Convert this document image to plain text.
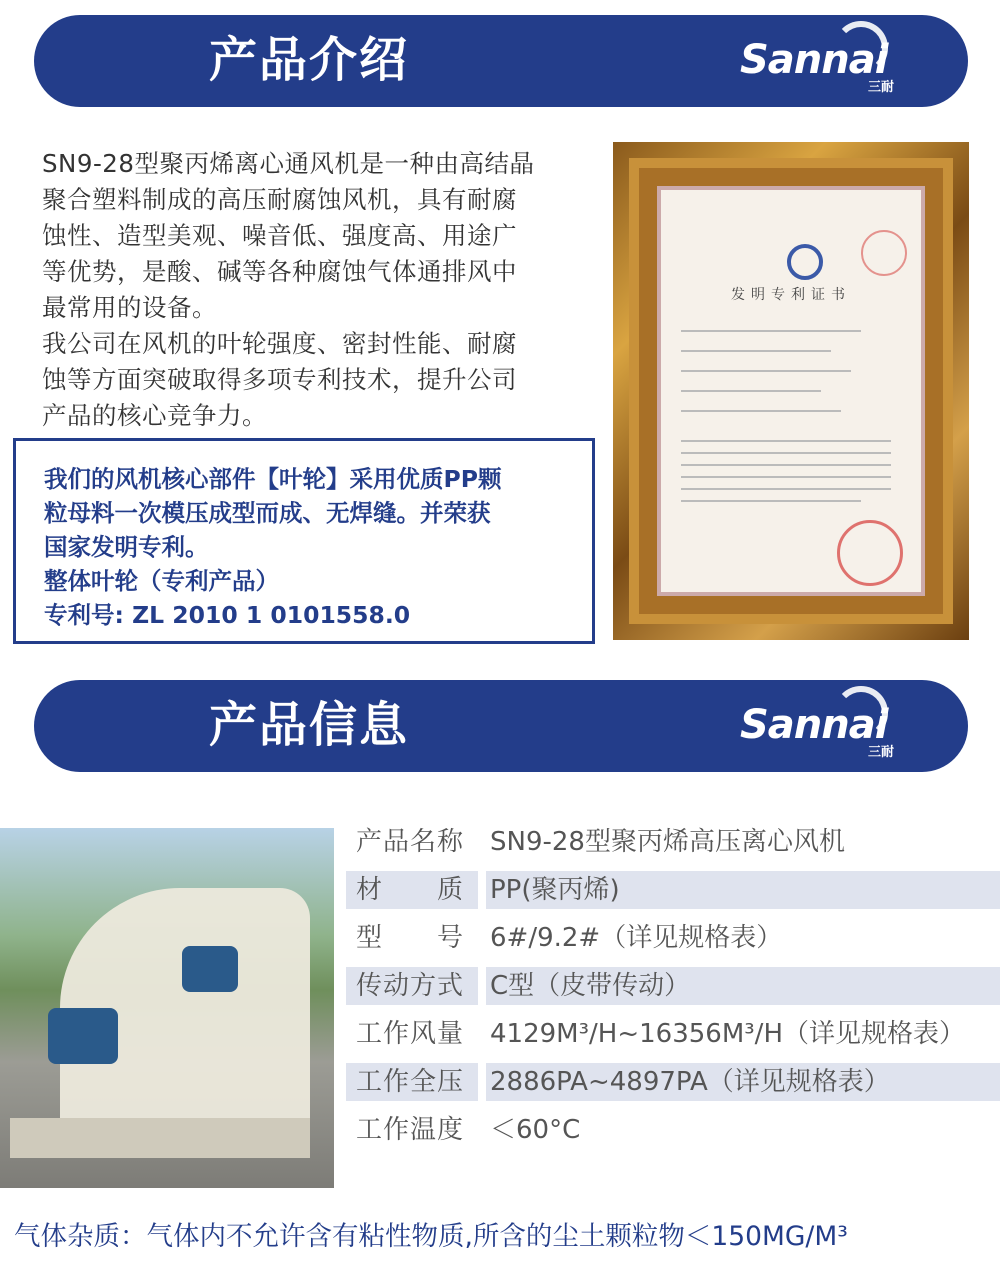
产品介绍	Sannai
三耐

SN9-28型聚丙烯离心通风机是一种由高结晶

聚合塑料制成的高压耐腐蚀风机，具有耐腐

蚀性、造型美观、噪音低、强度高、用途广

等优势，是酸、碱等各种腐蚀气体通排风中

最常用的设备。

我公司在风机的叶轮强度、密封性能、耐腐

蚀等方面突破取得多项专利技术，提升公司

产品的核心竞争力。

我们的风机核心部件【叶轮】采用优质PP颗
粒母料一次模压成型而成、无焊缝。并荣获
国家发明专利。
整体叶轮（专利产品）
专利号: ZL 2010 1 0101558.0
发明专利证书
产品信息	Sannai
三耐
产品名称 SN9-28型聚丙烯高压离心风机
材　　质 PP(聚丙烯)
型　　号 6#/9.2#（详见规格表）
传动方式 C型（皮带传动）
工作风量 4129M³/H~16356M³/H（详见规格表）
工作全压 2886PA~4897PA（详见规格表）
工作温度 ＜60°C
气体杂质：气体内不允许含有粘性物质,所含的尘土颗粒物＜150MG/M³
